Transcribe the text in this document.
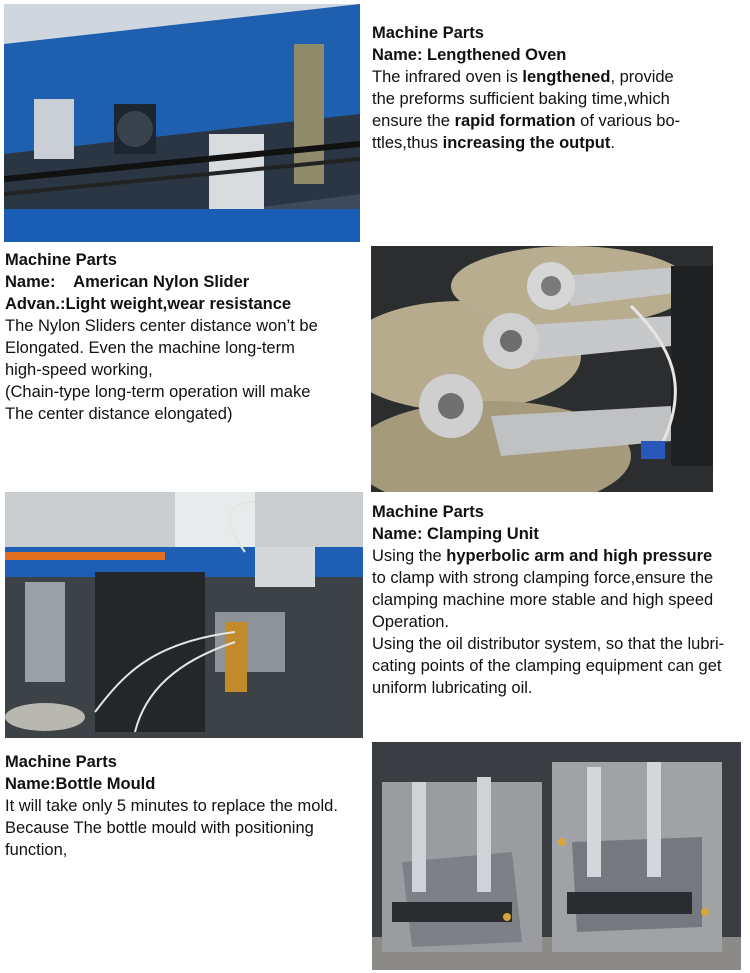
Machine Parts

Name: Lengthened Oven

The infrared oven is lengthened, provide

the preforms sufficient baking time,which

ensure the rapid formation of various bo-

ttles,thus increasing the output.

Machine Parts

Name:    American Nylon Slider

Advan.:Light weight,wear resistance

The Nylon Sliders center distance won’t be

Elongated. Even the machine long-term

high-speed working,

(Chain-type long-term operation will make

The center distance elongated)

Machine Parts

Name: Clamping Unit

Using the hyperbolic arm and high pressure

to clamp with strong clamping force,ensure the

clamping machine more stable and high speed

Operation.

Using the oil distributor system, so that the lubri-

cating points of the clamping equipment can get

uniform lubricating oil.

Machine Parts

Name:Bottle Mould

It will take only 5 minutes to replace the mold.

Because The bottle mould with positioning

function,
